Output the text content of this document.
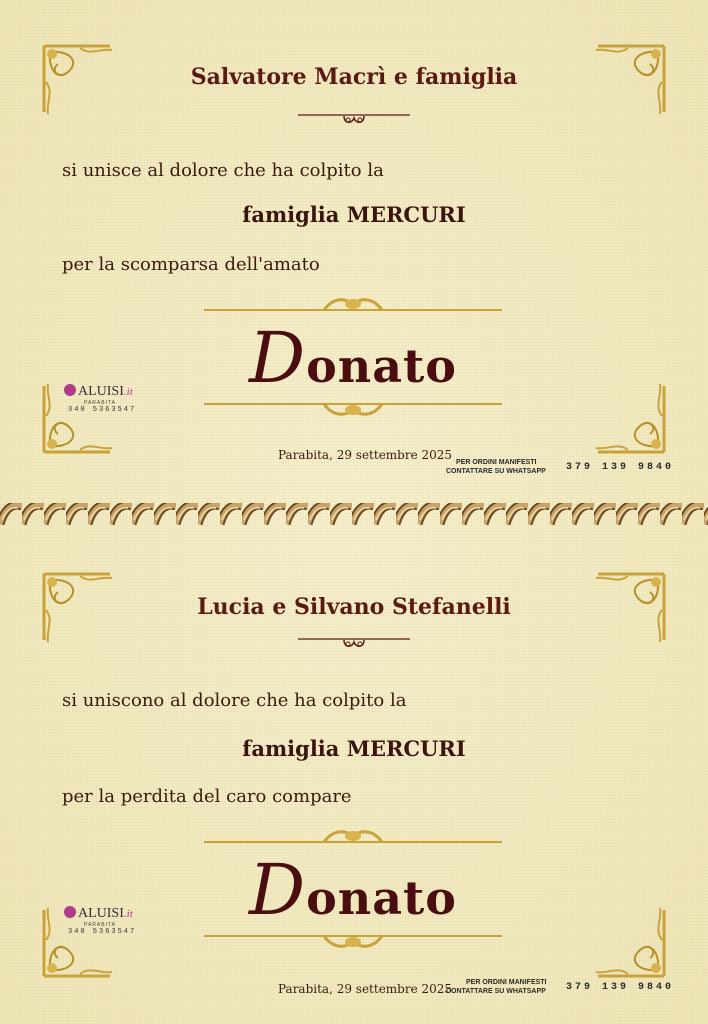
Salvatore Macrì e famiglia
si unisce al dolore che ha colpito la
famiglia MERCURI
per la scomparsa dell'amato
Donato
ALUISI.it
PARABITA
340 5363547
Parabita, 29 settembre 2025
PER ORDINI MANIFESTI
CONTATTARE SU WHATSAPP 379 139 9840
Lucia e Silvano Stefanelli
si uniscono al dolore che ha colpito la
famiglia MERCURI
per la perdita del caro compare
Donato
ALUISI.it
PARABITA
340 5363547
Parabita, 29 settembre 2025	PER ORDINI MANIFESTI
CONTATTARE SU WHATSAPP 379 139 9840
